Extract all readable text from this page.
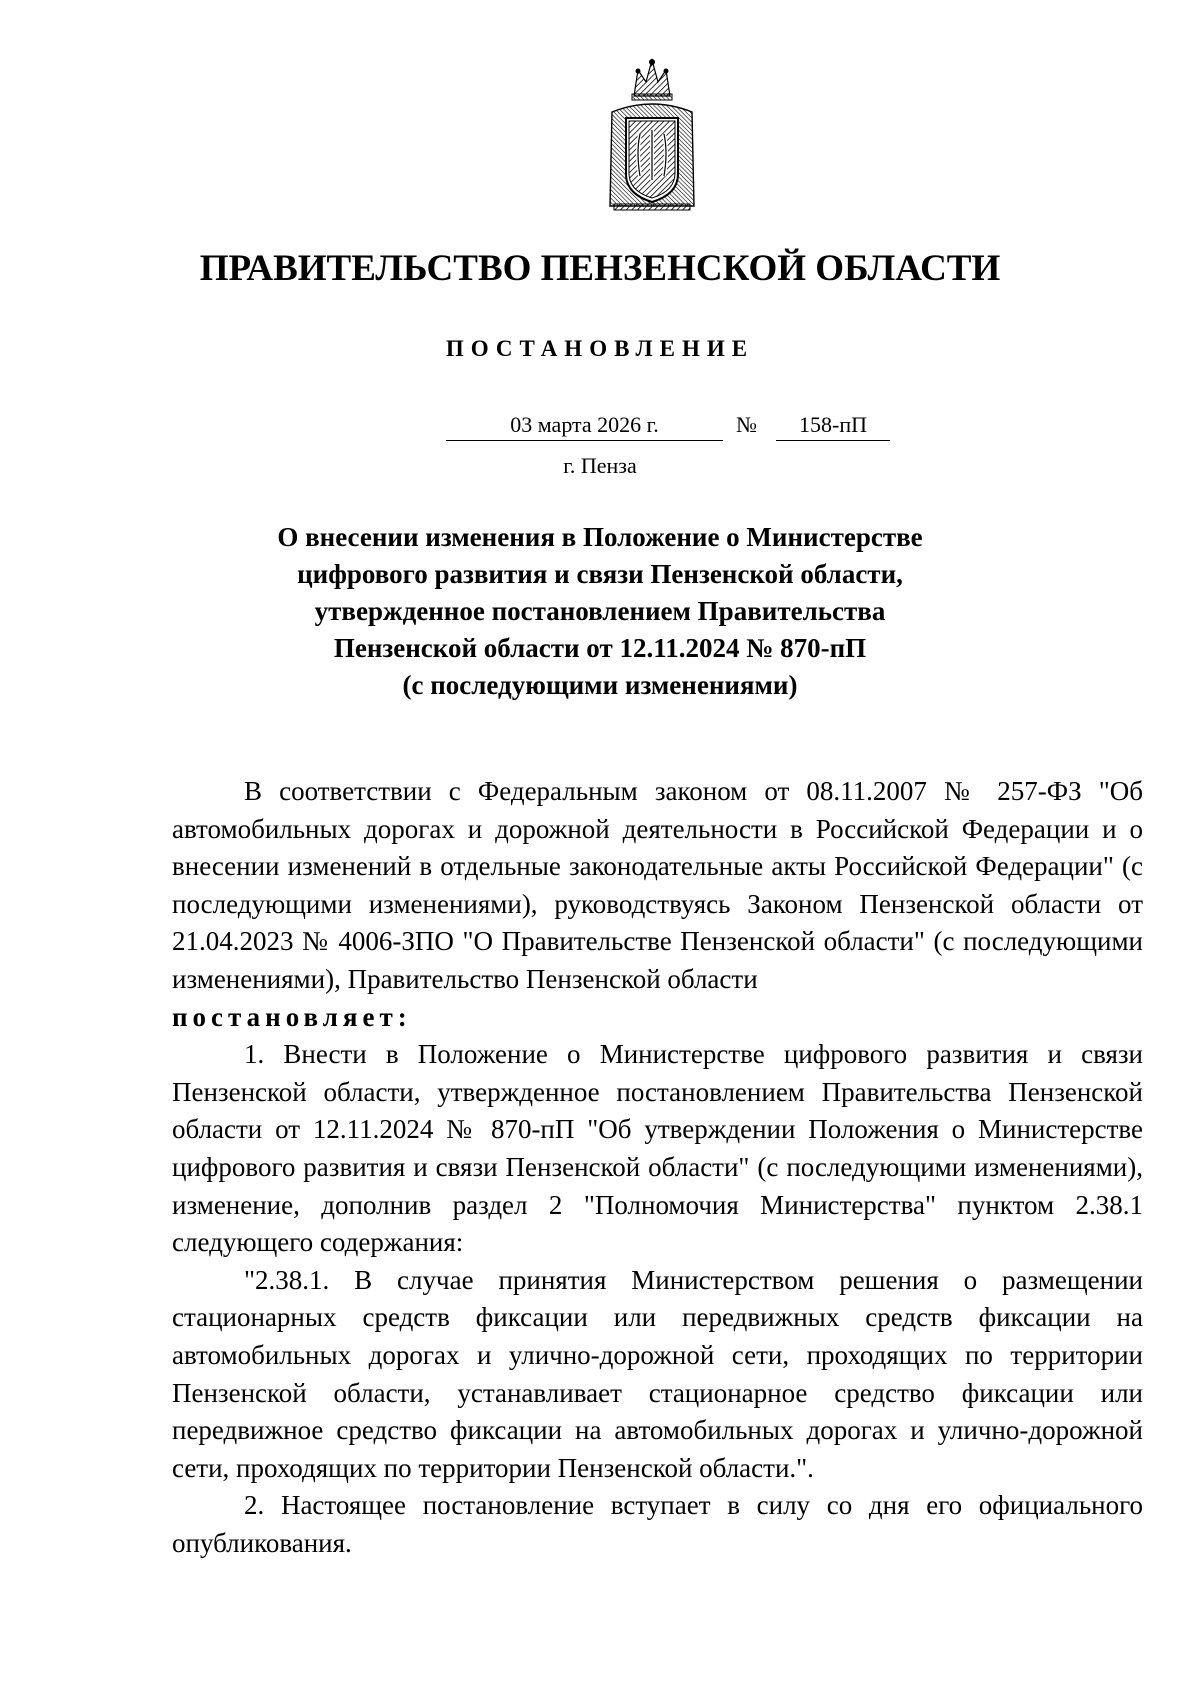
ПРАВИТЕЛЬСТВО ПЕНЗЕНСКОЙ ОБЛАСТИ
ПОСТАНОВЛЕНИЕ
03 марта 2026 г.	№	158-пП
г. Пенза
О внесении изменения в Положение о Министерстве
цифрового развития и связи Пензенской области,
утвержденное постановлением Правительства
Пензенской области от 12.11.2024 № 870-пП
(с последующими изменениями)

В соответствии с Федеральным законом от 08.11.2007 № 257-ФЗ "Об автомобильных дорогах и дорожной деятельности в Российской Федерации и о внесении изменений в отдельные законодательные акты Российской Федерации" (с последующими изменениями), руководствуясь Законом Пензенской области от 21.04.2023 № 4006-ЗПО "О Правительстве Пензенской области" (с последующими изменениями), Правительство Пензенской области

постановляет:

1. Внести в Положение о Министерстве цифрового развития и связи Пензенской области, утвержденное постановлением Правительства Пензенской области от 12.11.2024 № 870-пП "Об утверждении Положения о Министерстве цифрового развития и связи Пензенской области" (с последующими изменениями), изменение, дополнив раздел 2 "Полномочия Министерства" пунктом 2.38.1 следующего содержания:

"2.38.1. В случае принятия Министерством решения о размещении стационарных средств фиксации или передвижных средств фиксации на автомобильных дорогах и улично-дорожной сети, проходящих по территории Пензенской области, устанавливает стационарное средство фиксации или передвижное средство фиксации на автомобильных дорогах и улично-дорожной сети, проходящих по территории Пензенской области.".

2. Настоящее постановление вступает в силу со дня его официального опубликования.
